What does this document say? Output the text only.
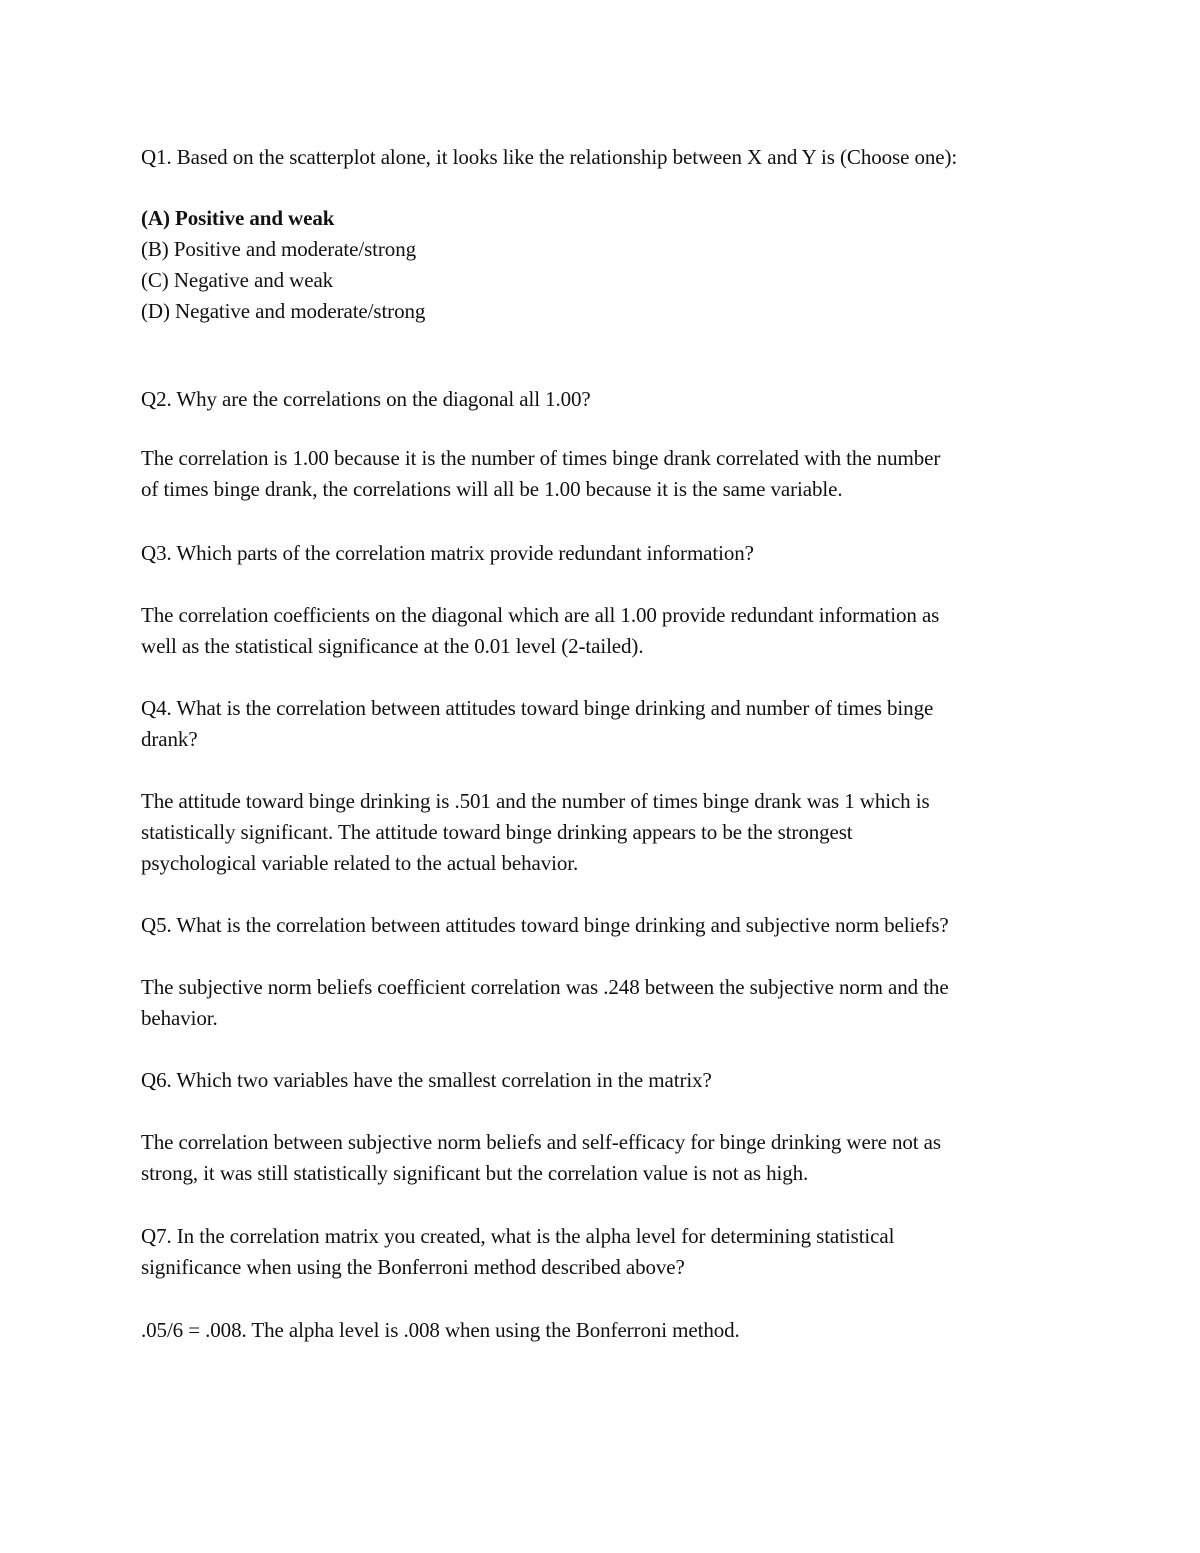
Q1. Based on the scatterplot alone, it looks like the relationship between X and Y is (Choose one):
(A) Positive and weak
(B) Positive and moderate/strong
(C) Negative and weak
(D) Negative and moderate/strong
Q2. Why are the correlations on the diagonal all 1.00?
The correlation is 1.00 because it is the number of times binge drank correlated with the number
of times binge drank, the correlations will all be 1.00 because it is the same variable.
Q3. Which parts of the correlation matrix provide redundant information?
The correlation coefficients on the diagonal which are all 1.00 provide redundant information as
well as the statistical significance at the 0.01 level (2-tailed).
Q4. What is the correlation between attitudes toward binge drinking and number of times binge
drank?
The attitude toward binge drinking is .501 and the number of times binge drank was 1 which is
statistically significant. The attitude toward binge drinking appears to be the strongest
psychological variable related to the actual behavior.
Q5. What is the correlation between attitudes toward binge drinking and subjective norm beliefs?
The subjective norm beliefs coefficient correlation was .248 between the subjective norm and the
behavior.
Q6. Which two variables have the smallest correlation in the matrix?
The correlation between subjective norm beliefs and self-efficacy for binge drinking were not as
strong, it was still statistically significant but the correlation value is not as high.
Q7. In the correlation matrix you created, what is the alpha level for determining statistical
significance when using the Bonferroni method described above?
.05/6 = .008. The alpha level is .008 when using the Bonferroni method.
